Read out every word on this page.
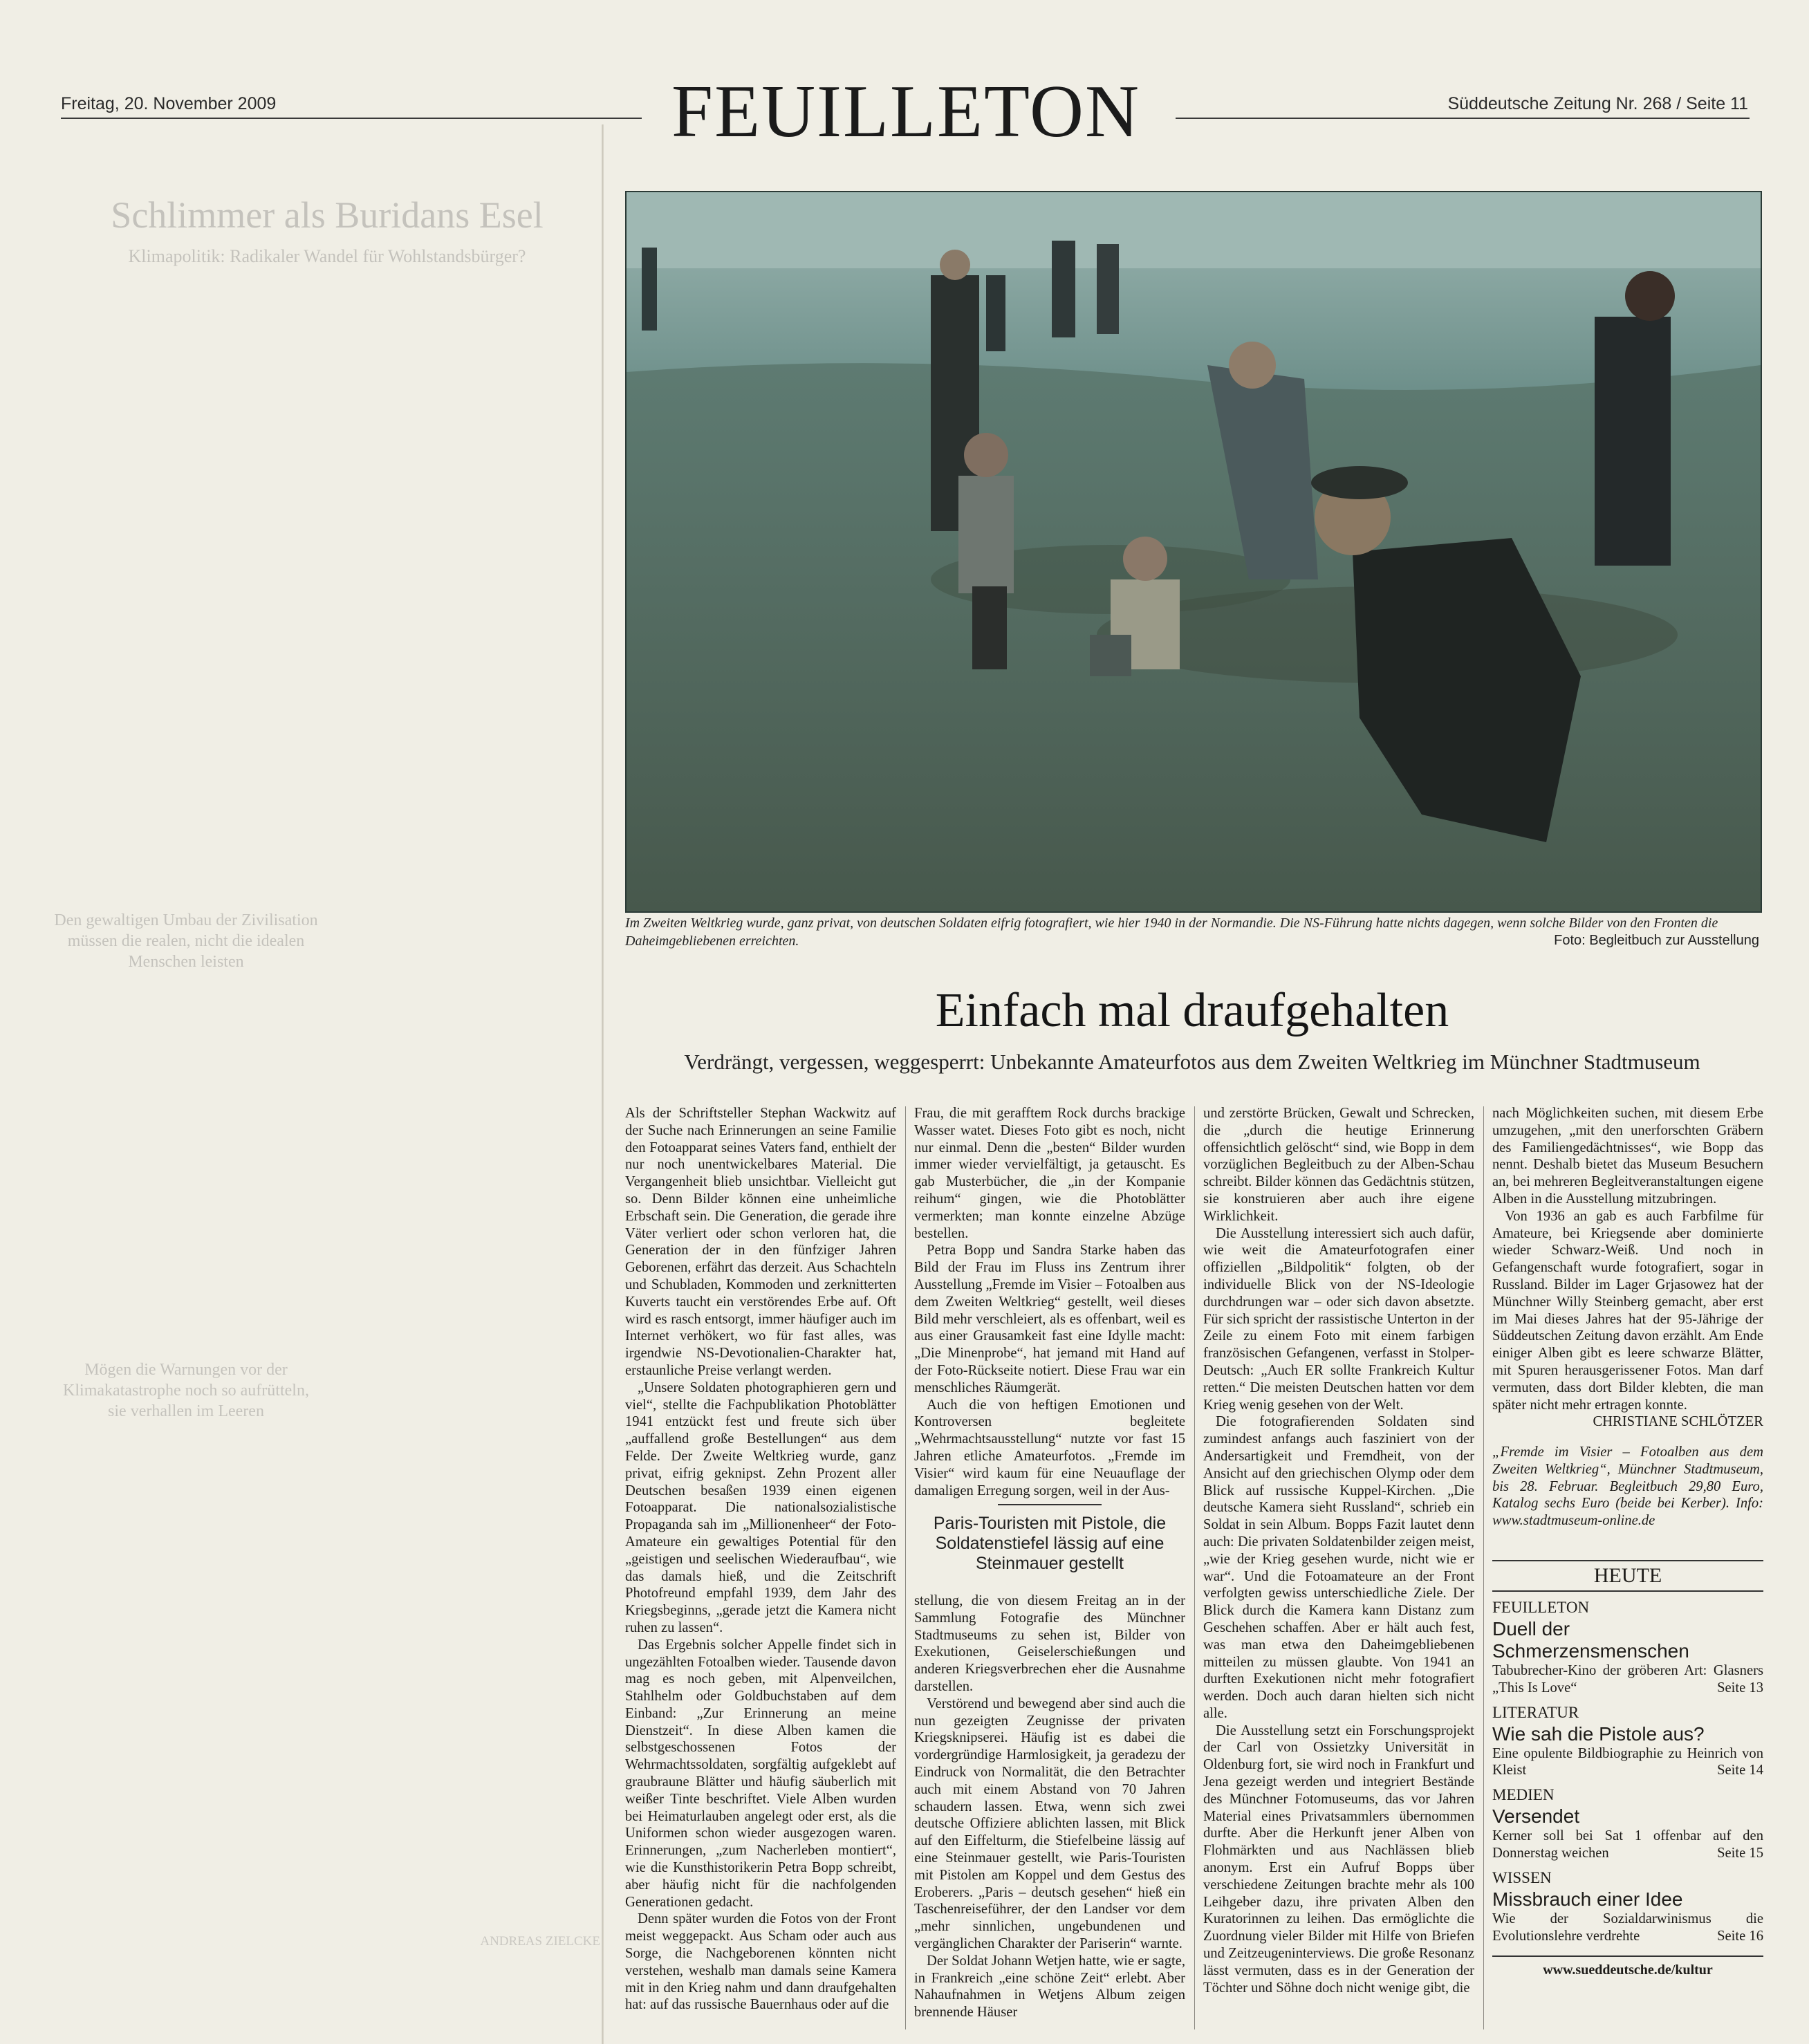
Freitag, 20. November 2009	FEUILLETON	Süddeutsche Zeitung Nr. 268 / Seite 11
Schlimmer als Buridans Esel
Klimapolitik: Radikaler Wandel für Wohlstandsbürger?
Den gewaltigen Umbau der Zivilisation müssen die realen, nicht die idealen Menschen leisten
Mögen die Warnungen vor der Klimakatastrophe noch so aufrütteln, sie verhallen im Leeren
ANDREAS ZIELCKE
Im Zweiten Weltkrieg wurde, ganz privat, von deutschen Soldaten eifrig fotografiert, wie hier 1940 in der Normandie. Die NS-Führung hatte nichts dagegen, wenn solche Bilder von den Fronten die Daheimgebliebenen erreichten.	Foto: Begleitbuch zur Ausstellung
Einfach mal draufgehalten
Verdrängt, vergessen, weggesperrt: Unbekannte Amateurfotos aus dem Zweiten Weltkrieg im Münchner Stadtmuseum

Als der Schriftsteller Stephan Wackwitz auf der Suche nach Erinnerungen an seine Familie den Fotoapparat seines Vaters fand, enthielt der nur noch unentwickelbares Material. Die Vergangenheit blieb unsichtbar. Vielleicht gut so. Denn Bilder können eine unheimliche Erbschaft sein. Die Generation, die gerade ihre Väter verliert oder schon verloren hat, die Generation der in den fünfziger Jahren Geborenen, erfährt das derzeit. Aus Schachteln und Schubladen, Kommoden und zerknitterten Kuverts taucht ein verstörendes Erbe auf. Oft wird es rasch entsorgt, immer häufiger auch im Internet verhökert, wo für fast alles, was irgendwie NS-Devotionalien-Charakter hat, erstaunliche Preise verlangt werden.

„Unsere Soldaten photographieren gern und viel“, stellte die Fachpublikation Photoblätter 1941 entzückt fest und freute sich über „auffallend große Bestellungen“ aus dem Felde. Der Zweite Weltkrieg wurde, ganz privat, eifrig geknipst. Zehn Prozent aller Deutschen besaßen 1939 einen eigenen Fotoapparat. Die nationalsozialistische Propaganda sah im „Millionenheer“ der Foto-Amateure ein gewaltiges Potential für den „geistigen und seelischen Wiederaufbau“, wie das damals hieß, und die Zeitschrift Photofreund empfahl 1939, dem Jahr des Kriegsbeginns, „gerade jetzt die Kamera nicht ruhen zu lassen“.

Das Ergebnis solcher Appelle findet sich in ungezählten Fotoalben wieder. Tausende davon mag es noch geben, mit Alpenveilchen, Stahlhelm oder Goldbuchstaben auf dem Einband: „Zur Erinnerung an meine Dienstzeit“. In diese Alben kamen die selbstgeschossenen Fotos der Wehrmachtssoldaten, sorgfältig aufgeklebt auf graubraune Blätter und häufig säuberlich mit weißer Tinte beschriftet. Viele Alben wurden bei Heimaturlauben angelegt oder erst, als die Uniformen schon wieder ausgezogen waren. Erinnerungen, „zum Nacherleben montiert“, wie die Kunsthistorikerin Petra Bopp schreibt, aber häufig nicht für die nachfolgenden Generationen gedacht.

Denn später wurden die Fotos von der Front meist weggepackt. Aus Scham oder auch aus Sorge, die Nachgeborenen könnten nicht verstehen, weshalb man damals seine Kamera mit in den Krieg nahm und dann draufgehalten hat: auf das russische Bauernhaus oder auf die

Frau, die mit gerafftem Rock durchs brackige Wasser watet. Dieses Foto gibt es noch, nicht nur einmal. Denn die „besten“ Bilder wurden immer wieder vervielfältigt, ja getauscht. Es gab Musterbücher, die „in der Kompanie reihum“ gingen, wie die Photoblätter vermerkten; man konnte einzelne Abzüge bestellen.

Petra Bopp und Sandra Starke haben das Bild der Frau im Fluss ins Zentrum ihrer Ausstellung „Fremde im Visier – Fotoalben aus dem Zweiten Weltkrieg“ gestellt, weil dieses Bild mehr verschleiert, als es offenbart, weil es aus einer Grausamkeit fast eine Idylle macht: „Die Minenprobe“, hat jemand mit Hand auf der Foto-Rückseite notiert. Diese Frau war ein menschliches Räumgerät.

Auch die von heftigen Emotionen und Kontroversen begleitete „Wehrmachtsausstellung“ nutzte vor fast 15 Jahren etliche Amateurfotos. „Fremde im Visier“ wird kaum für eine Neuauflage der damaligen Erregung sorgen, weil in der Aus-

Paris-Touristen mit Pistole, die Soldatenstiefel lässig auf eine Steinmauer gestellt

stellung, die von diesem Freitag an in der Sammlung Fotografie des Münchner Stadtmuseums zu sehen ist, Bilder von Exekutionen, Geiselerschießungen und anderen Kriegsverbrechen eher die Ausnahme darstellen.

Verstörend und bewegend aber sind auch die nun gezeigten Zeugnisse der privaten Kriegsknipserei. Häufig ist es dabei die vordergründige Harmlosigkeit, ja geradezu der Eindruck von Normalität, die den Betrachter auch mit einem Abstand von 70 Jahren schaudern lassen. Etwa, wenn sich zwei deutsche Offiziere ablichten lassen, mit Blick auf den Eiffelturm, die Stiefelbeine lässig auf eine Steinmauer gestellt, wie Paris-Touristen mit Pistolen am Koppel und dem Gestus des Eroberers. „Paris – deutsch gesehen“ hieß ein Taschenreiseführer, der den Landser vor dem „mehr sinnlichen, ungebundenen und vergänglichen Charakter der Pariserin“ warnte.

Der Soldat Johann Wetjen hatte, wie er sagte, in Frankreich „eine schöne Zeit“ erlebt. Aber Nahaufnahmen in Wetjens Album zeigen brennende Häuser

und zerstörte Brücken, Gewalt und Schrecken, die „durch die heutige Erinnerung offensichtlich gelöscht“ sind, wie Bopp in dem vorzüglichen Begleitbuch zu der Alben-Schau schreibt. Bilder können das Gedächtnis stützen, sie konstruieren aber auch ihre eigene Wirklichkeit.

Die Ausstellung interessiert sich auch dafür, wie weit die Amateurfotografen einer offiziellen „Bildpolitik“ folgten, ob der individuelle Blick von der NS-Ideologie durchdrungen war – oder sich davon absetzte. Für sich spricht der rassistische Unterton in der Zeile zu einem Foto mit einem farbigen französischen Gefangenen, verfasst in Stolper-Deutsch: „Auch ER sollte Frankreich Kultur retten.“ Die meisten Deutschen hatten vor dem Krieg wenig gesehen von der Welt.

Die fotografierenden Soldaten sind zumindest anfangs auch fasziniert von der Andersartigkeit und Fremdheit, von der Ansicht auf den griechischen Olymp oder dem Blick auf russische Kuppel-Kirchen. „Die deutsche Kamera sieht Russland“, schrieb ein Soldat in sein Album. Bopps Fazit lautet denn auch: Die privaten Soldatenbilder zeigen meist, „wie der Krieg gesehen wurde, nicht wie er war“. Und die Fotoamateure an der Front verfolgten gewiss unterschiedliche Ziele. Der Blick durch die Kamera kann Distanz zum Geschehen schaffen. Aber er hält auch fest, was man etwa den Daheimgebliebenen mitteilen zu müssen glaubte. Von 1941 an durften Exekutionen nicht mehr fotografiert werden. Doch auch daran hielten sich nicht alle.

Die Ausstellung setzt ein Forschungsprojekt der Carl von Ossietzky Universität in Oldenburg fort, sie wird noch in Frankfurt und Jena gezeigt werden und integriert Bestände des Münchner Fotomuseums, das vor Jahren Material eines Privatsammlers übernommen durfte. Aber die Herkunft jener Alben von Flohmärkten und aus Nachlässen blieb anonym. Erst ein Aufruf Bopps über verschiedene Zeitungen brachte mehr als 100 Leihgeber dazu, ihre privaten Alben den Kuratorinnen zu leihen. Das ermöglichte die Zuordnung vieler Bilder mit Hilfe von Briefen und Zeitzeugeninterviews. Die große Resonanz lässt vermuten, dass es in der Generation der Töchter und Söhne doch nicht wenige gibt, die

nach Möglichkeiten suchen, mit diesem Erbe umzugehen, „mit den unerforschten Gräbern des Familiengedächtnisses“, wie Bopp das nennt. Deshalb bietet das Museum Besuchern an, bei mehreren Begleitveranstaltungen eigene Alben in die Ausstellung mitzubringen.

Von 1936 an gab es auch Farbfilme für Amateure, bei Kriegsende aber dominierte wieder Schwarz-Weiß. Und noch in Gefangenschaft wurde fotografiert, sogar in Russland. Bilder im Lager Grjasowez hat der Münchner Willy Steinberg gemacht, aber erst im Mai dieses Jahres hat der 95-Jährige der Süddeutschen Zeitung davon erzählt. Am Ende einiger Alben gibt es leere schwarze Blätter, mit Spuren herausgerissener Fotos. Man darf vermuten, dass dort Bilder klebten, die man später nicht mehr ertragen konnte.

CHRISTIANE SCHLÖTZER
„Fremde im Visier – Fotoalben aus dem Zweiten Weltkrieg“, Münchner Stadtmuseum, bis 28. Februar. Begleitbuch 29,80 Euro, Katalog sechs Euro (beide bei Kerber). Info: www.stadtmuseum-online.de
HEUTE
FEUILLETON
Duell der Schmerzensmenschen
Tabubrecher-Kino der gröberen Art: Glasners „This Is Love“	Seite 13
LITERATUR
Wie sah die Pistole aus?
Eine opulente Bildbiographie zu Heinrich von Kleist	Seite 14
MEDIEN
Versendet
Kerner soll bei Sat 1 offenbar auf den Donnerstag weichen	Seite 15
WISSEN
Missbrauch einer Idee
Wie der Sozialdarwinismus die Evolutionslehre verdrehte	Seite 16
www.sueddeutsche.de/kultur
